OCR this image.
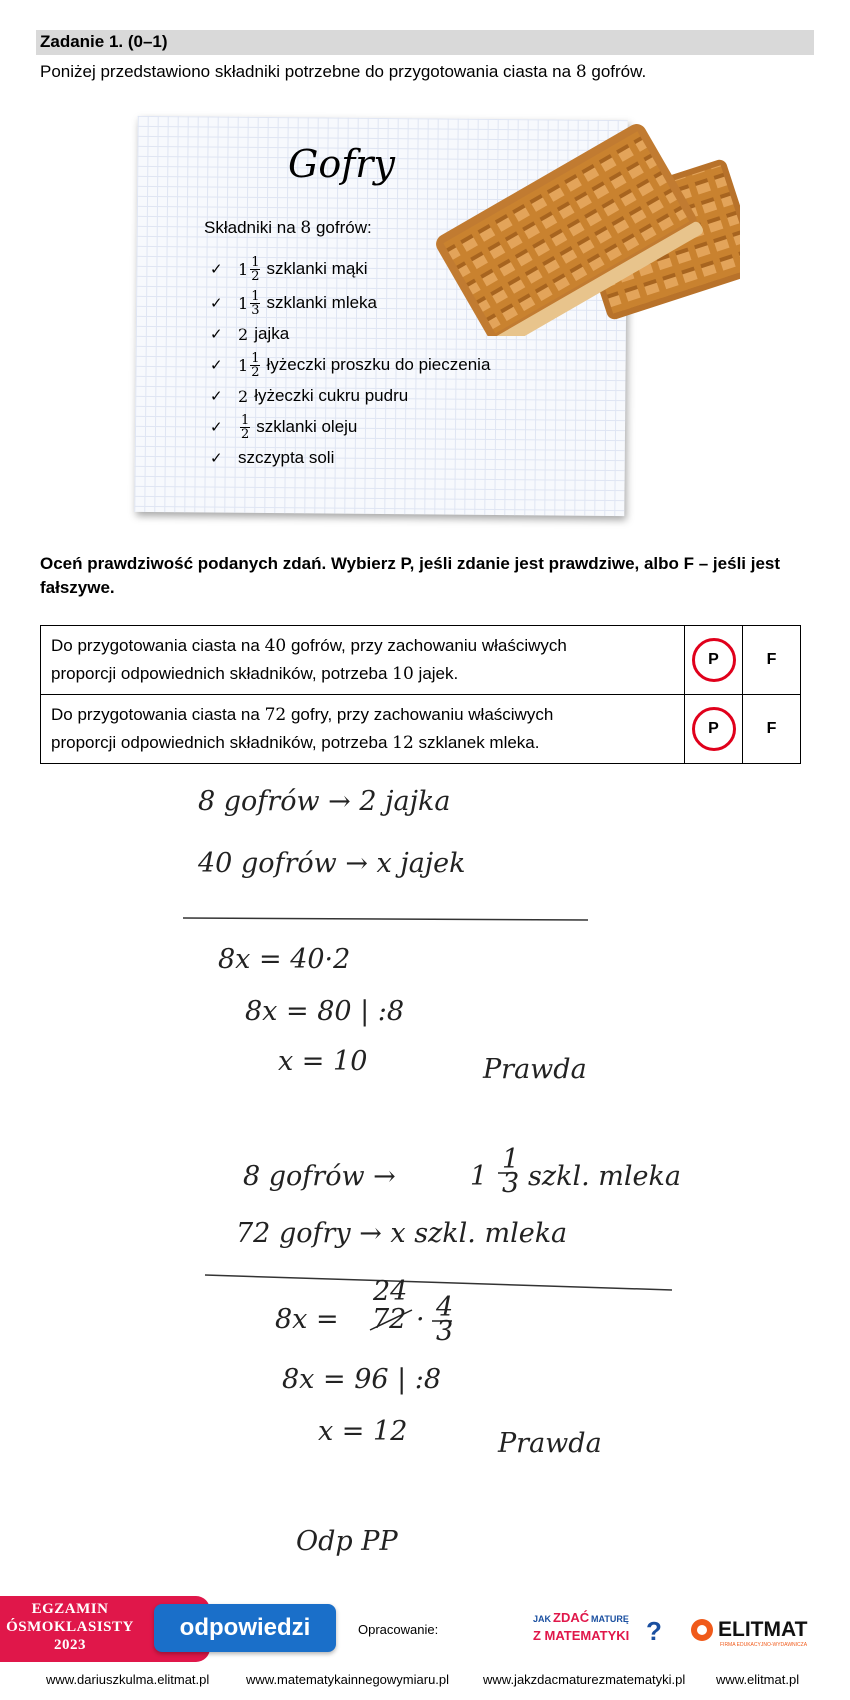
Zadanie 1. (0–1)
Poniżej przedstawiono składniki potrzebne do przygotowania ciasta na 8 gofrów.
Gofry
Składniki na 8 gofrów:
✓ $1 \frac{1}{2}$ szklanki mąki
✓ $1 \frac{1}{3}$ szklanki mleka
✓ 2 jajka
✓ $1 \frac{1}{2}$ łyżeczki proszku do pieczenia
✓ 2 łyżeczki cukru pudru
✓	$\frac{1}{2}$ szklanki oleju
✓ szczypta soli
Oceń prawdziwość podanych zdań. Wybierz P, jeśli zdanie jest prawdziwe, albo F – jeśli jest fałszywe.
Do przygotowania ciasta na 40 gofrów, przy zachowaniu właściwych
proporcji odpowiednich składników, potrzeba 10 jajek.	P	F
Do przygotowania ciasta na 72 gofry, przy zachowaniu właściwych
proporcji odpowiednich składników, potrzeba 12 szklanek mleka.	P	F
8 gofrów → 2 jajka
40 gofrów → x jajek
8x = 40·2
8x = 80 | :8
x = 10	Prawda
8 gofrów →	1
1
3 szkl. mleka
72 gofry → x szkl. mleka
8x = 72
24
· 4
3
8x = 96 | :8
x = 12	Prawda
Odp PP
EGZAMIN
ÓSMOKLASISTY
2023
odpowiedzi	Opracowanie:
JAK ZDAĆ MATURĘ
Z MATEMATYKI ?	ELITMAT
FIRMA EDUKACYJNO-WYDAWNICZA
www.dariuszkulma.elitmat.pl	www.matematykainnegowymiaru.pl	www.jakzdacmaturezmatematyki.pl www.elitmat.pl
